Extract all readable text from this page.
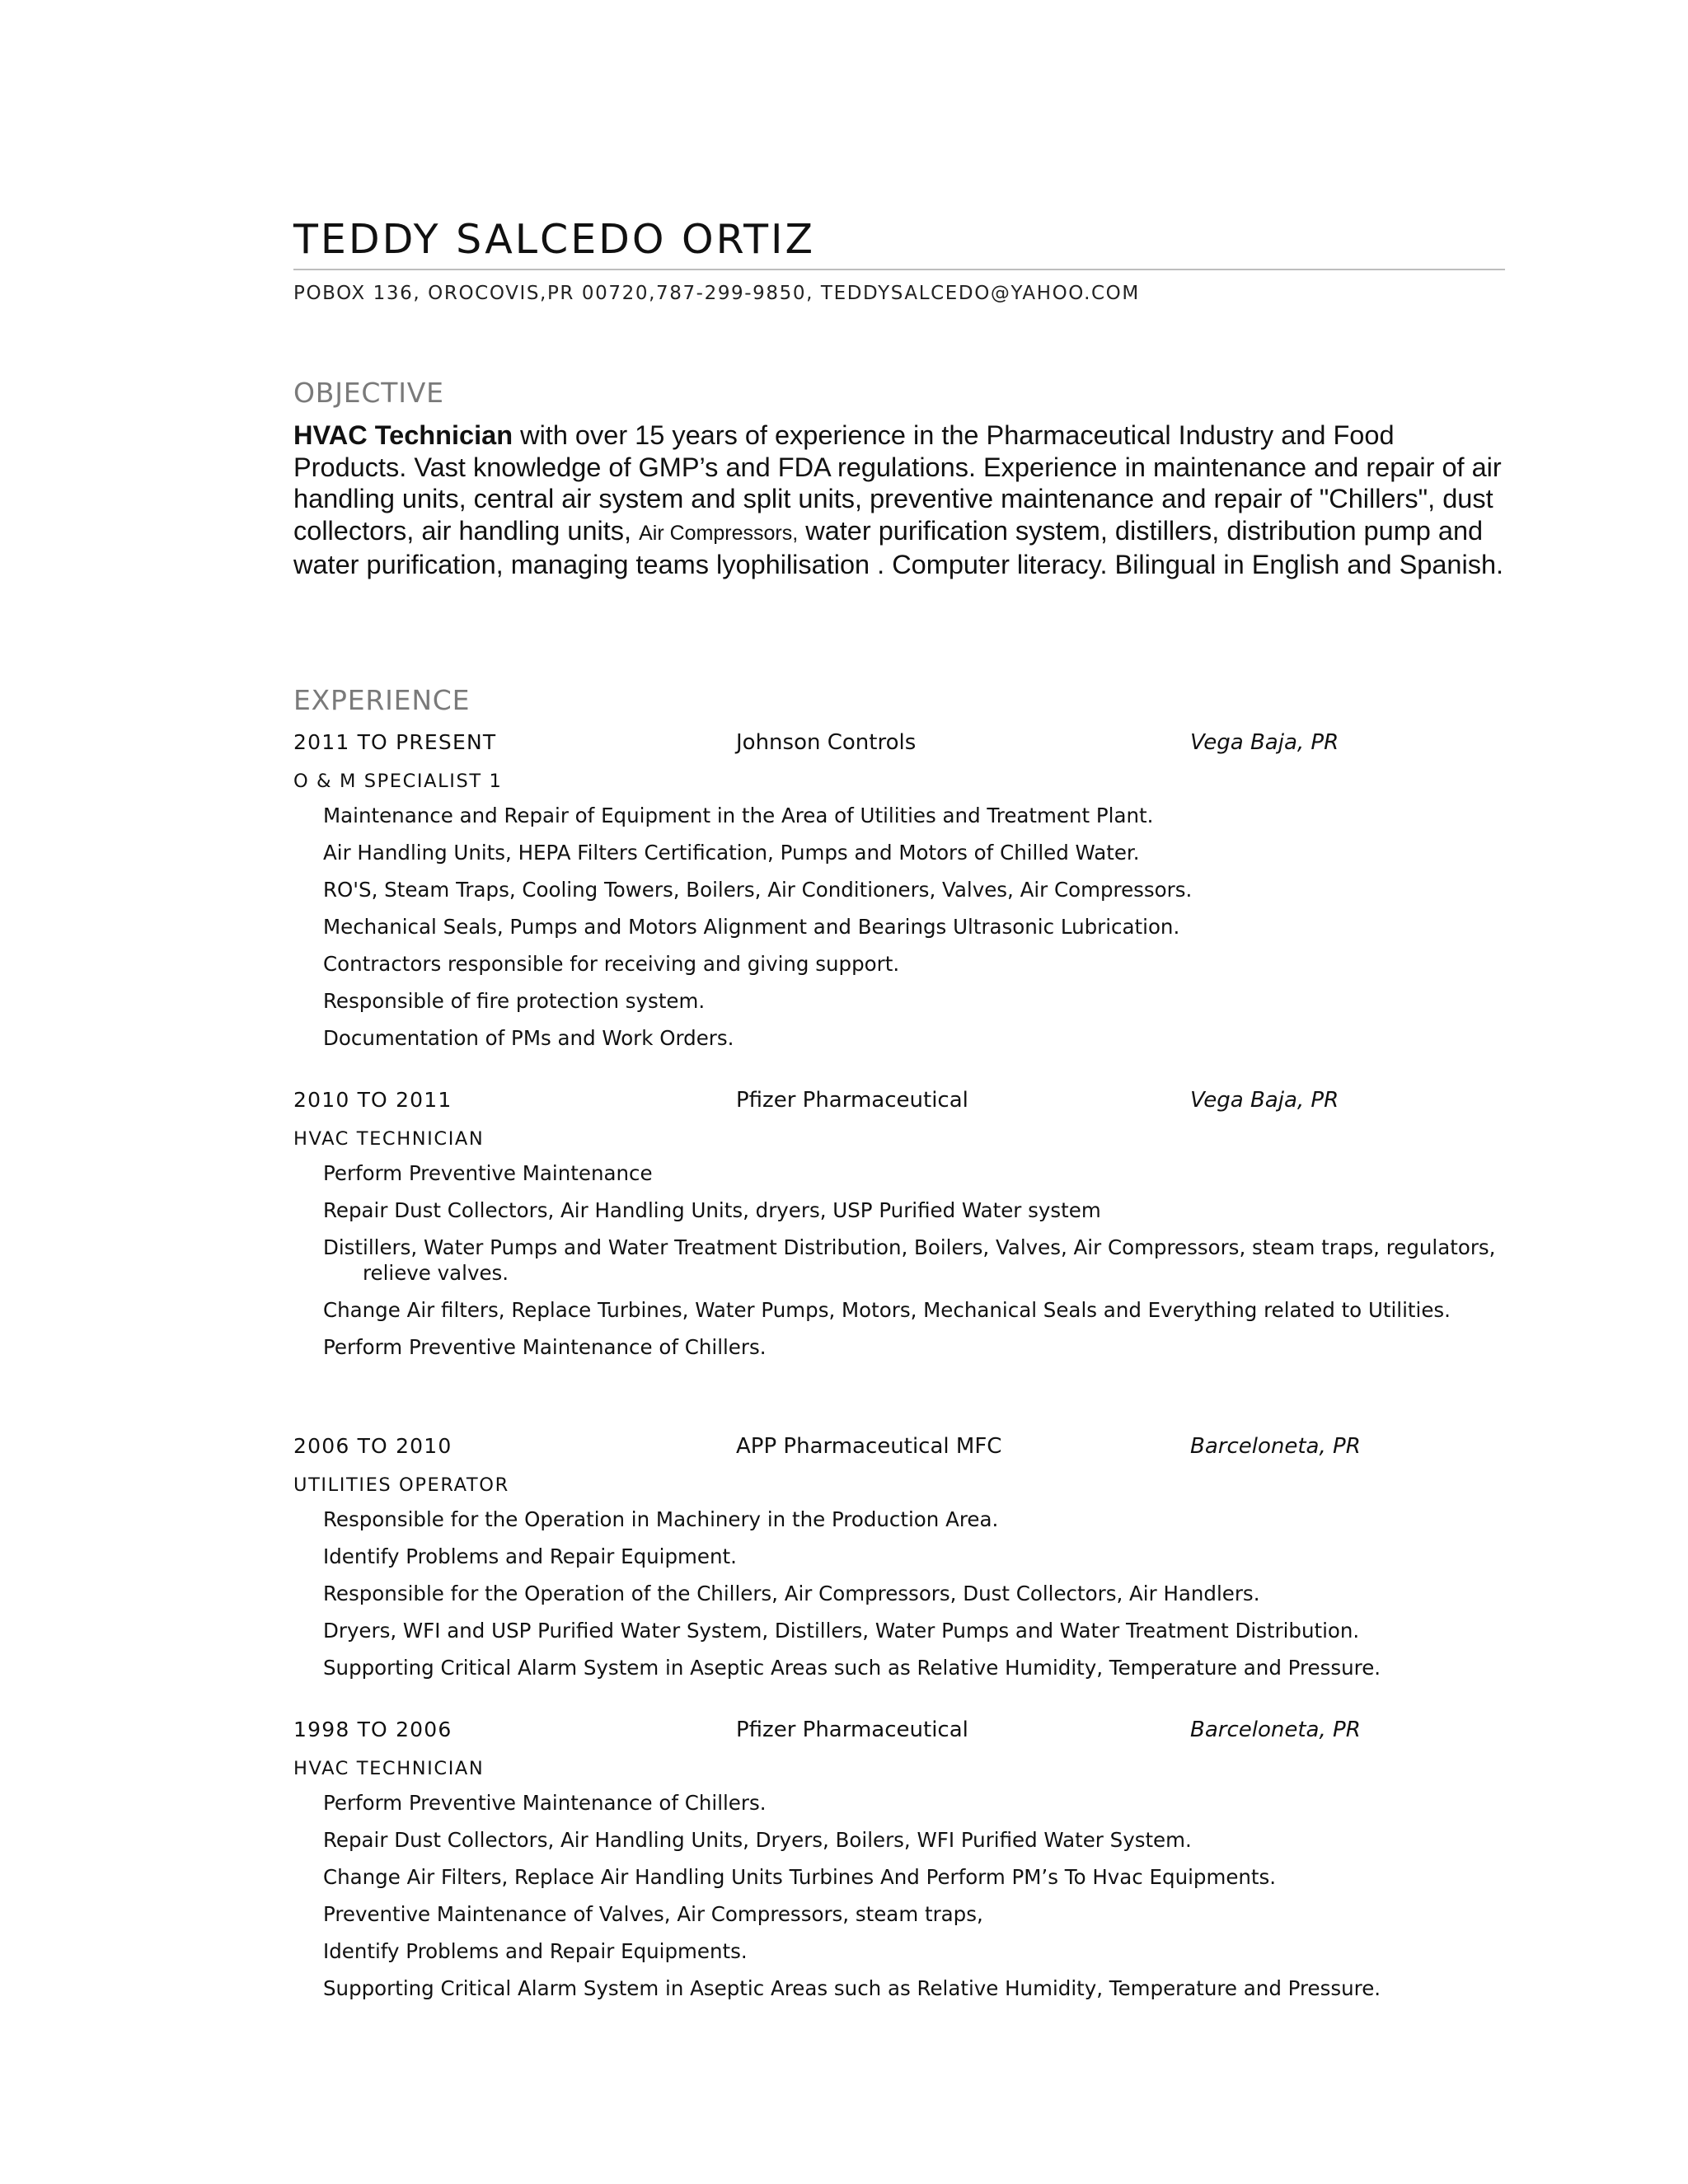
TEDDY SALCEDO ORTIZ
POBOX 136, OROCOVIS,PR 00720,787-299-9850, TEDDYSALCEDO@YAHOO.COM
OBJECTIVE

HVAC Technician with over 15 years of experience in the Pharmaceutical Industry and Food Products. Vast knowledge of GMP’s and FDA regulations. Experience in maintenance and repair of air handling units, central air system and split units, preventive maintenance and repair of "Chillers", dust collectors, air handling units, Air Compressors, water purification system, distillers, distribution pump and water purification, managing teams lyophilisation . Computer literacy. Bilingual in English and Spanish.

EXPERIENCE
2011 TO PRESENT	Johnson Controls	Vega Baja, PR
O & M SPECIALIST 1
Maintenance and Repair of Equipment in the Area of Utilities and Treatment Plant.
Air Handling Units, HEPA Filters Certification, Pumps and Motors of Chilled Water.
RO'S, Steam Traps, Cooling Towers, Boilers, Air Conditioners, Valves, Air Compressors.
Mechanical Seals, Pumps and Motors Alignment and Bearings Ultrasonic Lubrication.
Contractors responsible for receiving and giving support.
Responsible of fire protection system.
Documentation of PMs and Work Orders.
2010 TO 2011	Pfizer Pharmaceutical	Vega Baja, PR
HVAC TECHNICIAN
Perform Preventive Maintenance
Repair Dust Collectors, Air Handling Units, dryers, USP Purified Water system
Distillers, Water Pumps and Water Treatment Distribution, Boilers, Valves, Air Compressors, steam traps, regulators, relieve valves.
Change Air filters, Replace Turbines, Water Pumps, Motors, Mechanical Seals and Everything related to Utilities.
Perform Preventive Maintenance of Chillers.
2006 TO 2010	APP Pharmaceutical MFC	Barceloneta, PR
UTILITIES OPERATOR
Responsible for the Operation in Machinery in the Production Area.
Identify Problems and Repair Equipment.
Responsible for the Operation of the Chillers, Air Compressors, Dust Collectors, Air Handlers.
Dryers, WFI and USP Purified Water System, Distillers, Water Pumps and Water Treatment Distribution.
Supporting Critical Alarm System in Aseptic Areas such as Relative Humidity, Temperature and Pressure.
1998 TO 2006	Pfizer Pharmaceutical	Barceloneta, PR
HVAC TECHNICIAN
Perform Preventive Maintenance of Chillers.
Repair Dust Collectors, Air Handling Units, Dryers, Boilers, WFI Purified Water System.
Change Air Filters, Replace Air Handling Units Turbines And Perform PM’s To Hvac Equipments.
Preventive Maintenance of Valves, Air Compressors, steam traps,
Identify Problems and Repair Equipments.
Supporting Critical Alarm System in Aseptic Areas such as Relative Humidity, Temperature and Pressure.
